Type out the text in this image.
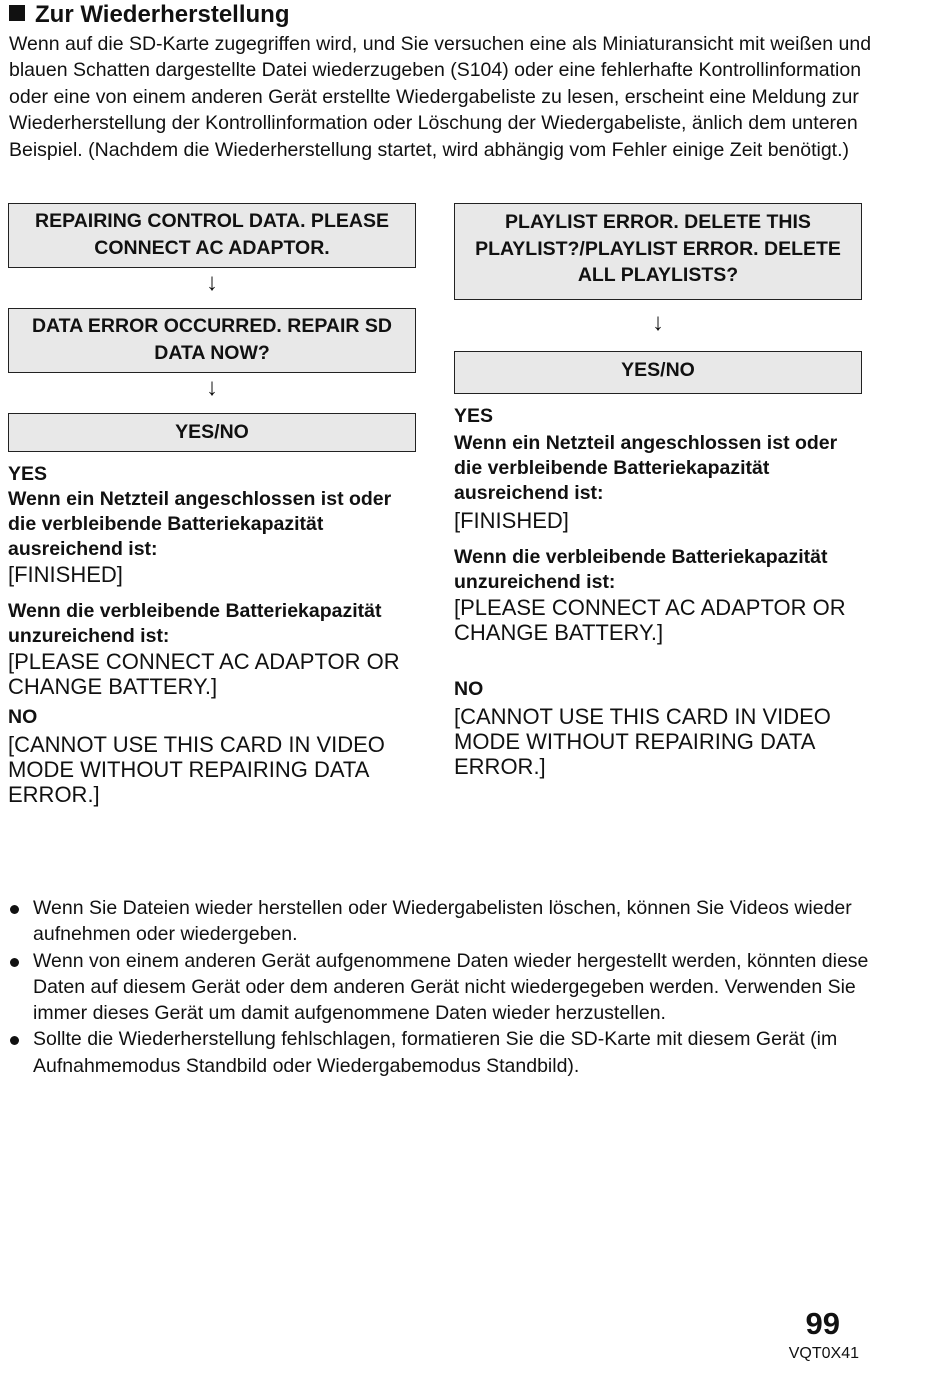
Zur Wiederherstellung
Wenn auf die SD-Karte zugegriffen wird, und Sie versuchen eine als Miniaturansicht mit weißen und blauen Schatten dargestellte Datei wiederzugeben (S104) oder eine fehlerhafte Kontrollinformation oder eine von einem anderen Gerät erstellte Wiedergabeliste zu lesen, erscheint eine Meldung zur Wiederherstellung der Kontrollinformation oder Löschung der Wiedergabeliste, änlich dem unteren Beispiel. (Nachdem die Wiederherstellung startet, wird abhängig vom Fehler einige Zeit benötigt.)
REPAIRING CONTROL DATA. PLEASE CONNECT AC ADAPTOR.
↓
DATA ERROR OCCURRED. REPAIR SD DATA NOW?
↓
YES/NO
YES
Wenn ein Netzteil angeschlossen ist oder die verbleibende Batteriekapazität ausreichend ist:
[FINISHED]
Wenn die verbleibende Batteriekapazität unzureichend ist:
[PLEASE CONNECT AC ADAPTOR OR CHANGE BATTERY.]
NO
[CANNOT USE THIS CARD IN VIDEO MODE WITHOUT REPAIRING DATA ERROR.]
PLAYLIST ERROR. DELETE THIS PLAYLIST?/PLAYLIST ERROR. DELETE ALL PLAYLISTS?
↓
YES/NO
YES
Wenn ein Netzteil angeschlossen ist oder die verbleibende Batteriekapazität ausreichend ist:
[FINISHED]
Wenn die verbleibende Batteriekapazität unzureichend ist:
[PLEASE CONNECT AC ADAPTOR OR CHANGE BATTERY.]
NO
[CANNOT USE THIS CARD IN VIDEO MODE WITHOUT REPAIRING DATA ERROR.]
Wenn Sie Dateien wieder herstellen oder Wiedergabelisten löschen, können Sie Videos wieder aufnehmen oder wiedergeben.
Wenn von einem anderen Gerät aufgenommene Daten wieder hergestellt werden, könnten diese Daten auf diesem Gerät oder dem anderen Gerät nicht wiedergegeben werden. Verwenden Sie immer dieses Gerät um damit aufgenommene Daten wieder herzustellen.
Sollte die Wiederherstellung fehlschlagen, formatieren Sie die SD-Karte mit diesem Gerät (im Aufnahmemodus Standbild oder Wiedergabemodus Standbild).
99
VQT0X41
